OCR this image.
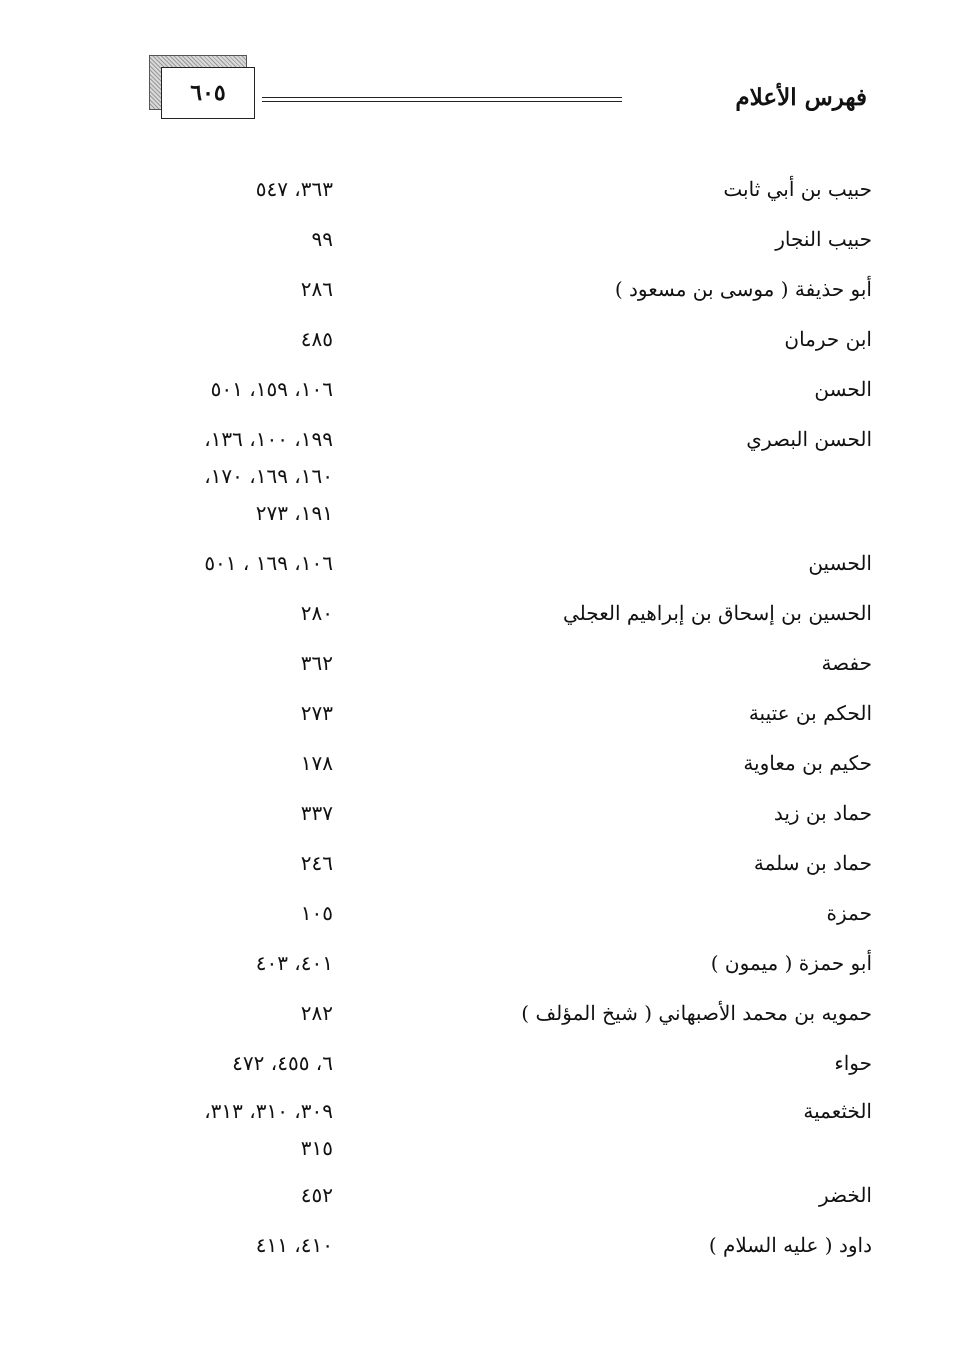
٦٠٥	فهرس الأعلام
حبيب بن أبي ثابت
٣٦٣، ٥٤٧
حبيب النجار
٩٩
أبو حذيفة ( موسى بن مسعود )
٢٨٦
ابن حرمان
٤٨٥
الحسن
١٠٦، ١٥٩، ٥٠١
الحسن البصري
١٩٩، ١٠٠، ١٣٦،
١٦٠، ١٦٩، ١٧٠،
١٩١، ٢٧٣
الحسين
١٠٦، ١٦٩ ، ٥٠١
الحسين بن إسحاق بن إبراهيم العجلي
٢٨٠
حفصة
٣٦٢
الحكم بن عتيبة
٢٧٣
حكيم بن معاوية
١٧٨
حماد بن زيد
٣٣٧
حماد بن سلمة
٢٤٦
حمزة
١٠٥
أبو حمزة ( ميمون )
٤٠١، ٤٠٣
حمويه بن محمد الأصبهاني ( شيخ المؤلف )
٢٨٢
حواء
٦، ٤٥٥، ٤٧٢
الخثعمية
٣٠٩، ٣١٠، ٣١٣،
٣١٥
الخضر
٤٥٢
داود ( عليه السلام )
٤١٠، ٤١١
